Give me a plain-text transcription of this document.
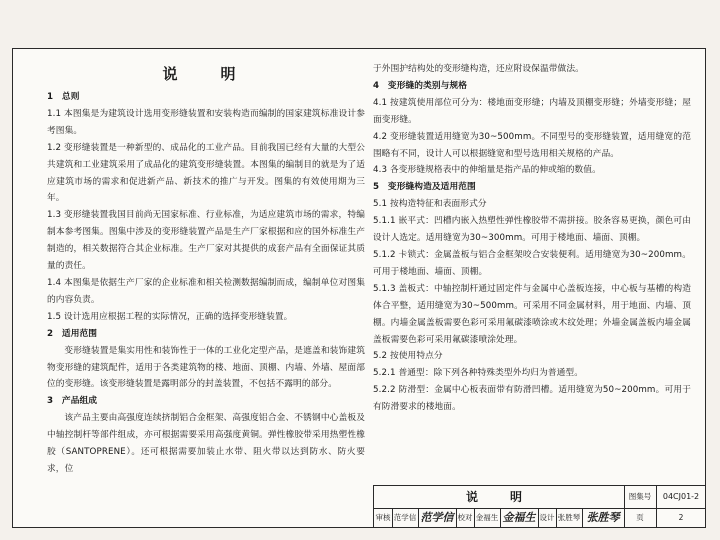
说　明

1　总则

1.1 本图集是为建筑设计选用变形缝装置和安装构造而编制的国家建筑标准设计参考图集。

1.2 变形缝装置是一种新型的、成品化的工业产品。目前我国已经有大量的大型公共建筑和工业建筑采用了成品化的建筑变形缝装置。本图集的编制目的就是为了适应建筑市场的需求和促进新产品、新技术的推广与开发。图集的有效使用期为三年。

1.3 变形缝装置我国目前尚无国家标准、行业标准，为适应建筑市场的需求，特编制本参考图集。图集中涉及的变形缝装置产品是生产厂家根据和应的国外标准生产制造的，相关数据符合其企业标准。生产厂家对其提供的成套产品有全面保证其质量的责任。

1.4 本图集是依据生产厂家的企业标准和相关检测数据编制而成，编制单位对图集的内容负责。

1.5 设计选用应根据工程的实际情况，正确的选择变形缝装置。

2　适用范围

变形缝装置是集实用性和装饰性于一体的工业化定型产品，是遮盖和装饰建筑物变形缝的建筑配件，适用于各类建筑物的楼、地面、顶棚、内墙、外墙、屋面部位的变形缝。该变形缝装置是露明部分的封盖装置，不包括不露明的部分。

3　产品组成

该产品主要由高强度连续挤制铝合金框架、高强度铝合金、不锈钢中心盖板及中轴控制杆等部件组成，亦可根据需要采用高强度黄铜。弹性橡胶带采用热塑性橡胶（SANTOPRENE）。还可根据需要加装止水带、阻火带以达到防水、防火要求，位

于外围护结构处的变形缝构造，还应附设保温带做法。

4　变形缝的类别与规格

4.1 按建筑使用部位可分为：楼地面变形缝；内墙及顶棚变形缝；外墙变形缝；屋面变形缝。

4.2 变形缝装置适用缝宽为30~500mm。不同型号的变形缝装置，适用缝宽的范围略有不同，设计人可以根据缝宽和型号选用相关规格的产品。

4.3 各变形缝规格表中的伸缩量是指产品的伸或缩的数值。

5　变形缝构造及适用范围

5.1 按构造特征和表面形式分

5.1.1 嵌平式：凹槽内嵌入热塑性弹性橡胶带不需拼接。胶条容易更换，颜色可由设计人选定。适用缝宽为30~300mm。可用于楼地面、墙面、顶棚。

5.1.2 卡锁式：金属盖板与铝合金框架咬合安装便利。适用缝宽为30~200mm。可用于楼地面、墙面、顶棚。

5.1.3 盖板式：中轴控制杆通过固定件与金属中心盖板连接，中心板与基槽的构造体合平整，适用缝宽为30~500mm。可采用不同金属材料，用于地面、内墙、顶棚。内墙金属盖板需要色彩可采用氟碳漆喷涂或木纹处理；外墙金属盖板内墙金属盖板需要色彩可采用氟碳漆喷涂处理。

5.2 按使用特点分

5.2.1 普通型：除下列各种特殊类型外均归为普通型。

5.2.2 防滑型：金属中心板表面带有防滑凹槽。适用缝宽为50~200mm。可用于有防滑要求的楼地面。

说　明	图集号	04CJ01-2
审核 范学信 范学信 校对 金福生 金福生 设计 张胜琴 张胜琴	页	2
